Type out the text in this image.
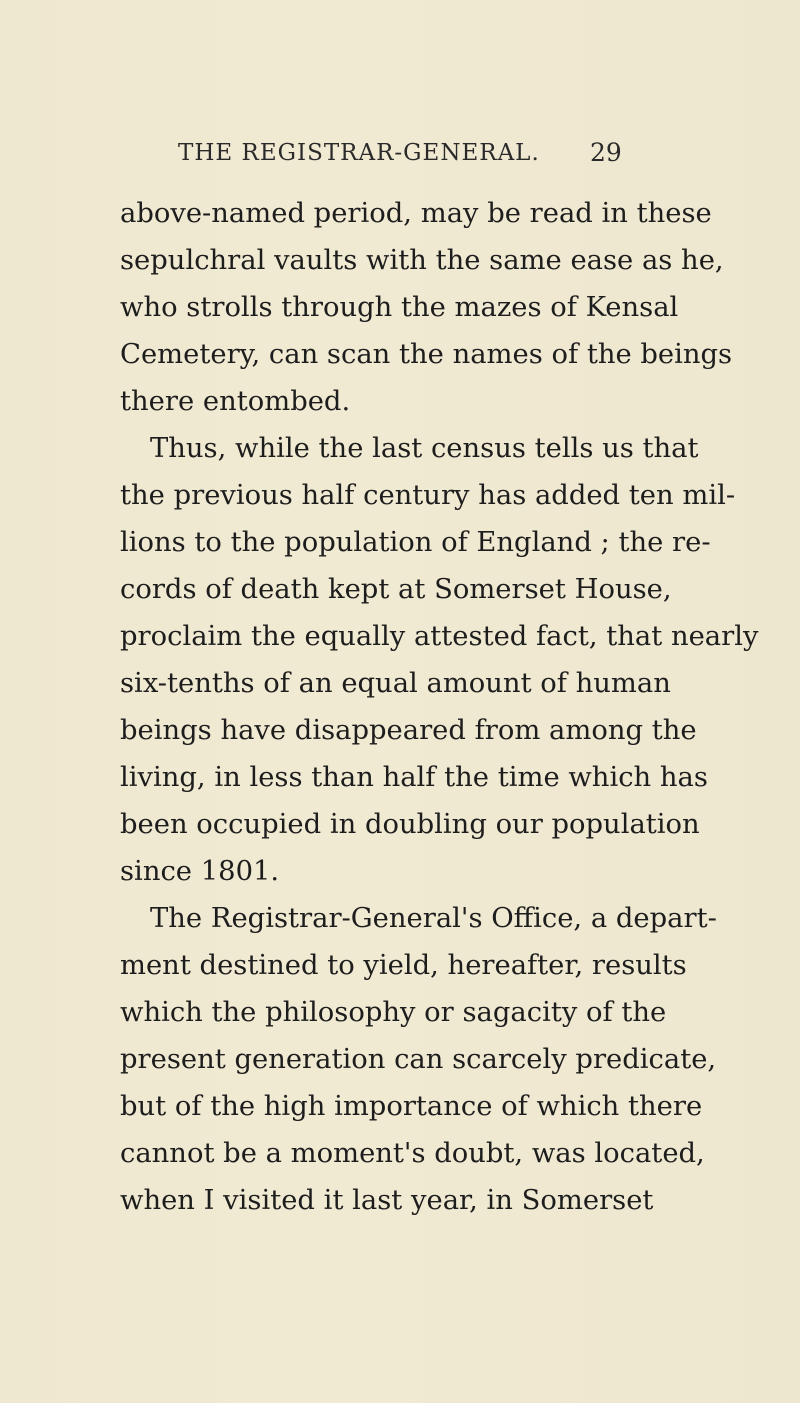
THE REGISTRAR-GENERAL.	29
above-named period, may be read in these
sepulchral vaults with the same ease as he,
who strolls through the mazes of Kensal
Cemetery, can scan the names of the beings
there entombed.
Thus, while the last census tells us that
the previous half century has added ten mil-
lions to the population of England ; the re-
cords of death kept at Somerset House,
proclaim the equally attested fact, that nearly
six-tenths of an equal amount of human
beings have disappeared from among the
living, in less than half the time which has
been occupied in doubling our population
since 1801.
The Registrar-General's Office, a depart-
ment destined to yield, hereafter, results
which the philosophy or sagacity of the
present generation can scarcely predicate,
but of the high importance of which there
cannot be a moment's doubt, was located,
when I visited it last year, in Somerset
